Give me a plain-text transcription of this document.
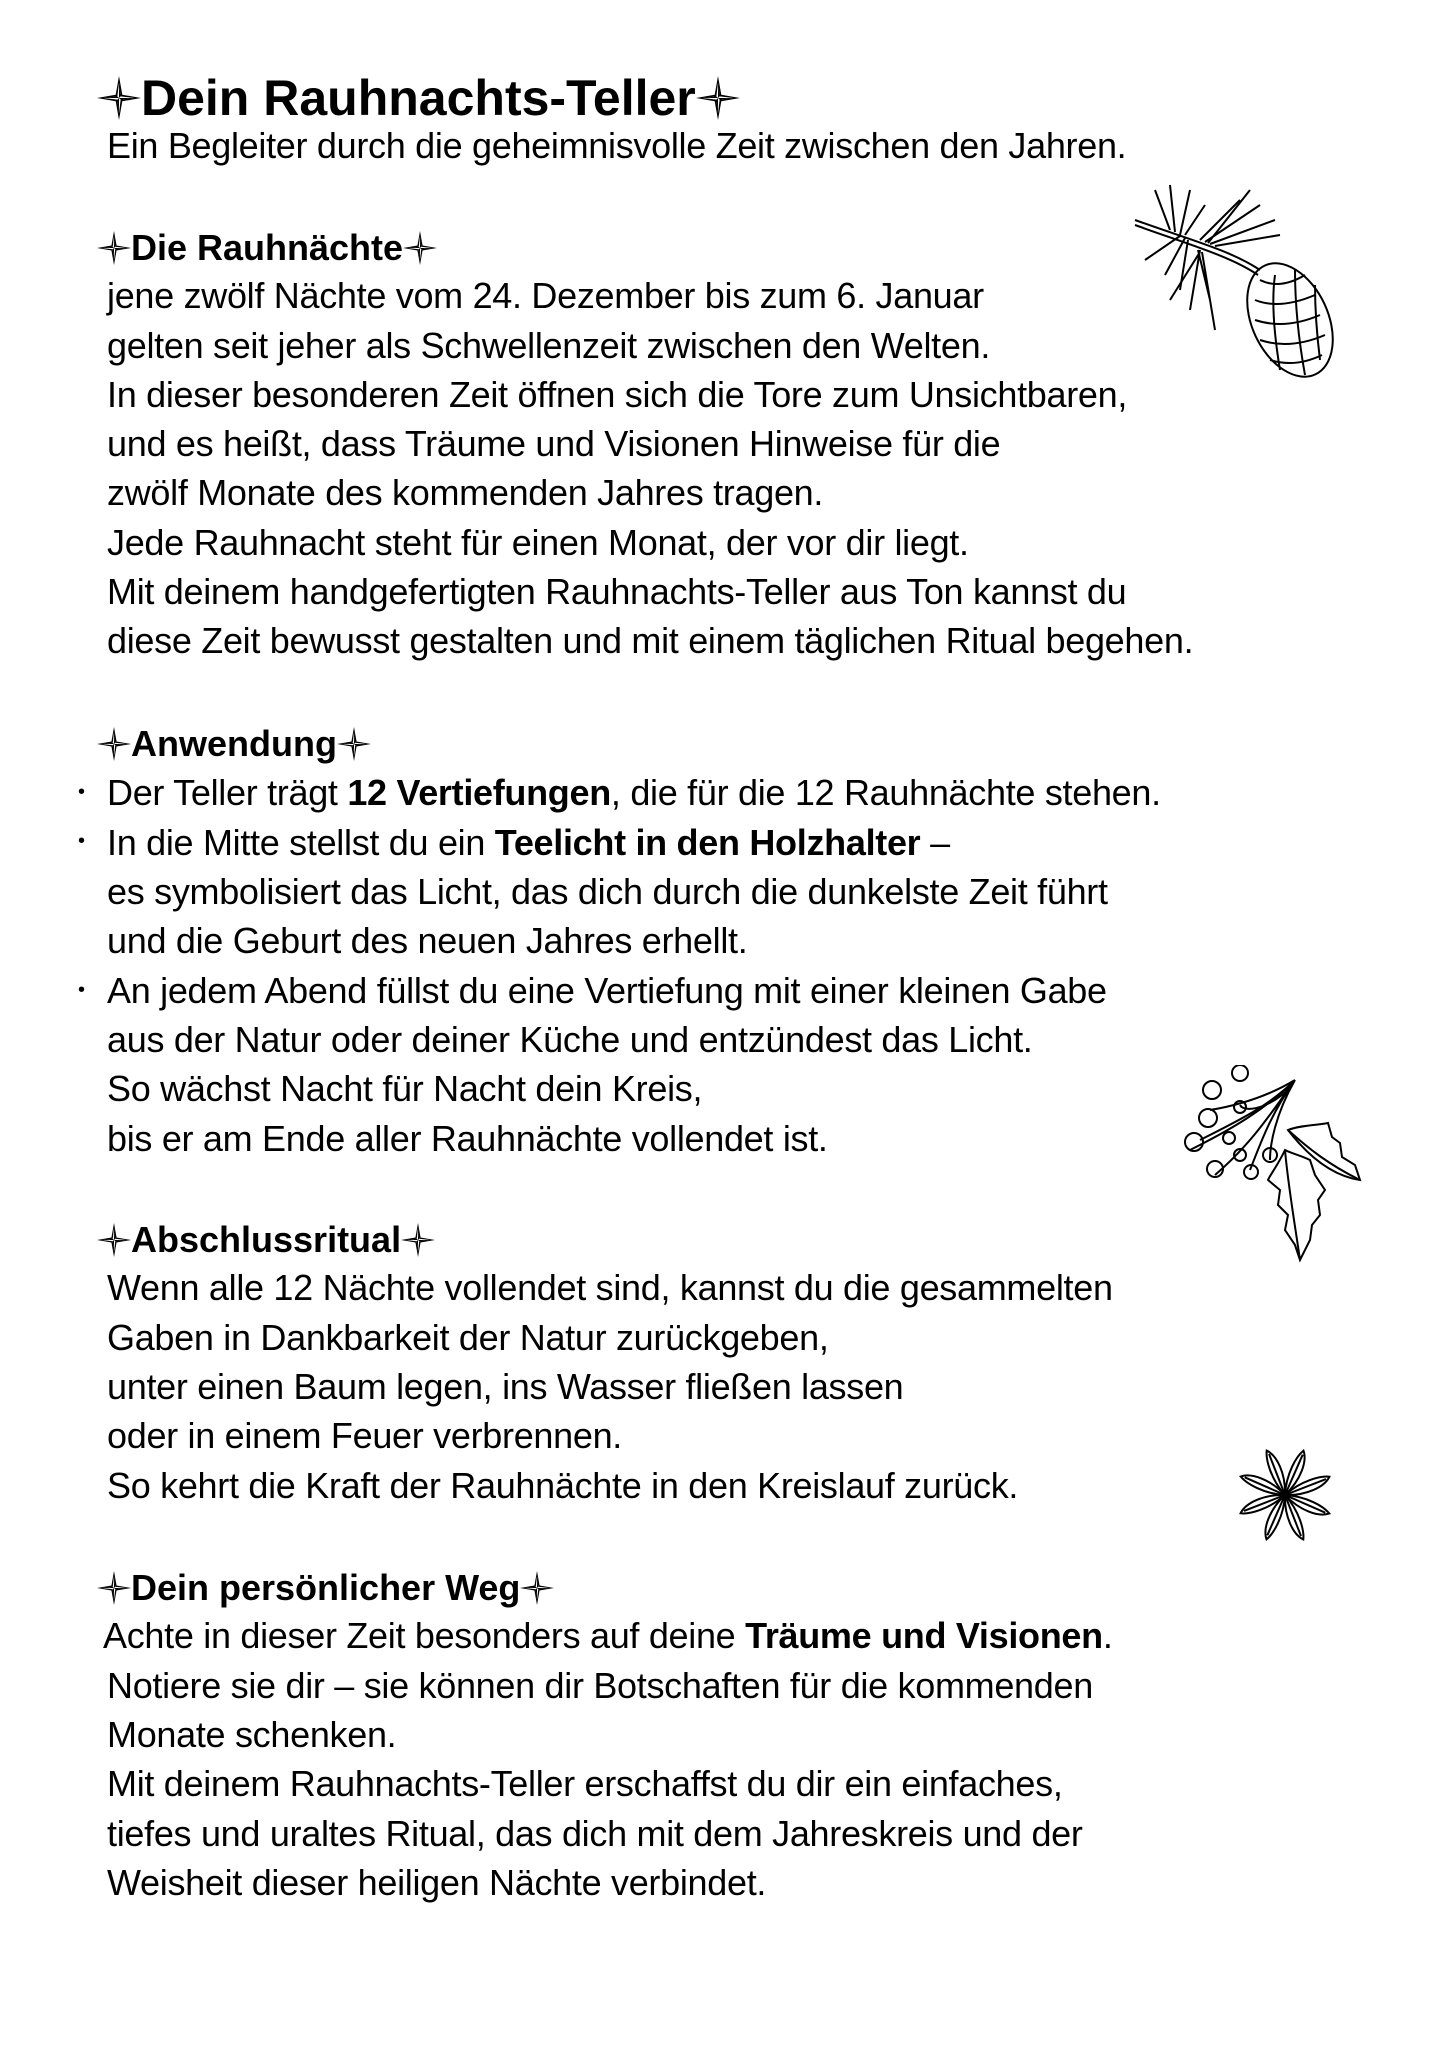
Dein Rauhnachts-Teller
Ein Begleiter durch die geheimnisvolle Zeit zwischen den Jahren.
Die Rauhnächte
jene zwölf Nächte vom 24. Dezember bis zum 6. Januar
gelten seit jeher als Schwellenzeit zwischen den Welten.
In dieser besonderen Zeit öffnen sich die Tore zum Unsichtbaren,
und es heißt, dass Träume und Visionen Hinweise für die
zwölf Monate des kommenden Jahres tragen.
Jede Rauhnacht steht für einen Monat, der vor dir liegt.
Mit deinem handgefertigten Rauhnachts-Teller aus Ton kannst du
diese Zeit bewusst gestalten und mit einem täglichen Ritual begehen.
Anwendung
• Der Teller trägt 12 Vertiefungen, die für die 12 Rauhnächte stehen.
• In die Mitte stellst du ein Teelicht in den Holzhalter –
es symbolisiert das Licht, das dich durch die dunkelste Zeit führt
und die Geburt des neuen Jahres erhellt.
• An jedem Abend füllst du eine Vertiefung mit einer kleinen Gabe
aus der Natur oder deiner Küche und entzündest das Licht.
So wächst Nacht für Nacht dein Kreis,
bis er am Ende aller Rauhnächte vollendet ist.
Abschlussritual
Wenn alle 12 Nächte vollendet sind, kannst du die gesammelten
Gaben in Dankbarkeit der Natur zurückgeben,
unter einen Baum legen, ins Wasser fließen lassen
oder in einem Feuer verbrennen.
So kehrt die Kraft der Rauhnächte in den Kreislauf zurück.
Dein persönlicher Weg
Achte in dieser Zeit besonders auf deine Träume und Visionen.
Notiere sie dir – sie können dir Botschaften für die kommenden
Monate schenken.
Mit deinem Rauhnachts-Teller erschaffst du dir ein einfaches,
tiefes und uraltes Ritual, das dich mit dem Jahreskreis und der
Weisheit dieser heiligen Nächte verbindet.
